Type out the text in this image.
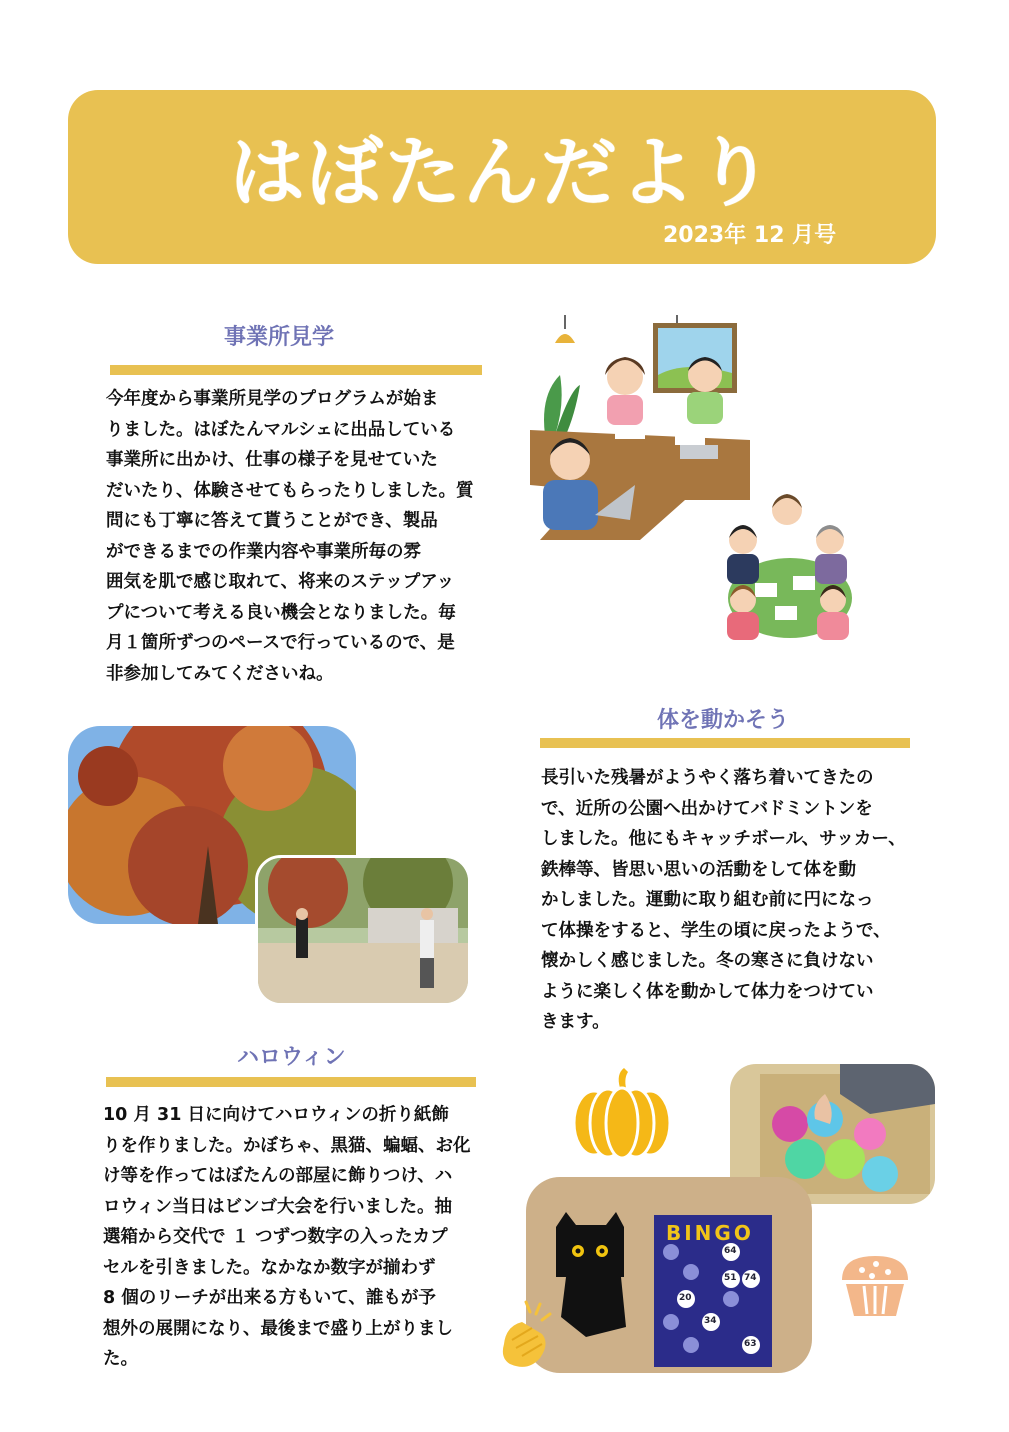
はぼたんだより
2023年 12 月号
事業所見学
今年度から事業所見学のプログラムが始ま
りました。はぼたんマルシェに出品している
事業所に出かけ、仕事の様子を見せていた
だいたり、体験させてもらったりしました。質
問にも丁寧に答えて貰うことができ、製品
ができるまでの作業内容や事業所毎の雰
囲気を肌で感じ取れて、将来のステップアッ
プについて考える良い機会となりました。毎
月１箇所ずつのペースで行っているので、是
非参加してみてくださいね。
体を動かそう
長引いた残暑がようやく落ち着いてきたの
で、近所の公園へ出かけてバドミントンを
しました。他にもキャッチボール、サッカー、
鉄棒等、皆思い思いの活動をして体を動
かしました。運動に取り組む前に円になっ
て体操をすると、学生の頃に戻ったようで、
懐かしく感じました。冬の寒さに負けない
ように楽しく体を動かして体力をつけてい
きます。
ハロウィン
10 月 31 日に向けてハロウィンの折り紙飾
りを作りました。かぼちゃ、黒猫、蝙蝠、お化
け等を作ってはぼたんの部屋に飾りつけ、ハ
ロウィン当日はビンゴ大会を行いました。抽
選箱から交代で １ つずつ数字の入ったカプ
セルを引きました。なかなか数字が揃わず
8 個のリーチが出来る方もいて、誰もが予
想外の展開になり、最後まで盛り上がりまし
た。
BINGO
64
51 74
20
34
63
